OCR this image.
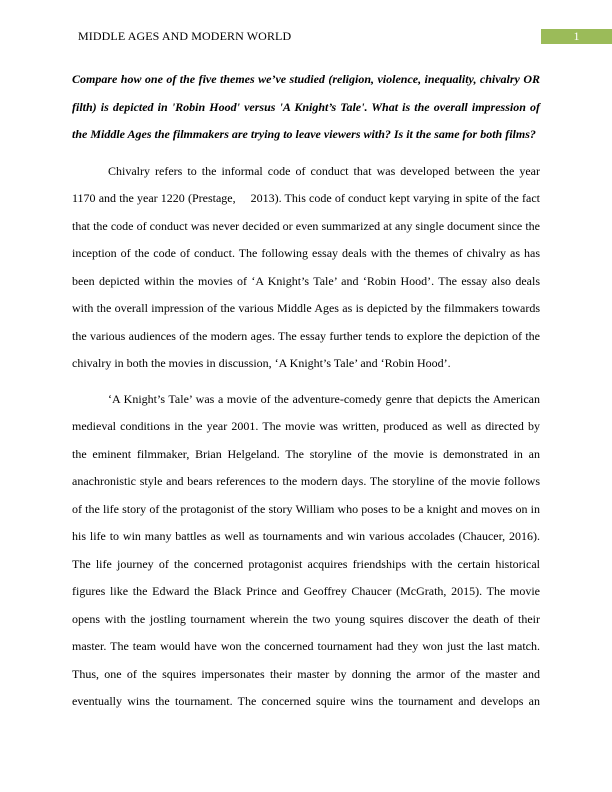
MIDDLE AGES AND MODERN WORLD	1

Compare how one of the five themes we’ve studied (religion, violence, inequality, chivalry OR filth) is depicted in 'Robin Hood' versus 'A Knight’s Tale'. What is the overall impression of the Middle Ages the filmmakers are trying to leave viewers with? Is it the same for both films?

Chivalry refers to the informal code of conduct that was developed between the year 1170 and the year 1220 (Prestage, 2013). This code of conduct kept varying in spite of the fact that the code of conduct was never decided or even summarized at any single document since the inception of the code of conduct. The following essay deals with the themes of chivalry as has been depicted within the movies of ‘A Knight’s Tale’ and ‘Robin Hood’. The essay also deals with the overall impression of the various Middle Ages as is depicted by the filmmakers towards the various audiences of the modern ages. The essay further tends to explore the depiction of the chivalry in both the movies in discussion, ‘A Knight’s Tale’ and ‘Robin Hood’.

‘A Knight’s Tale’ was a movie of the adventure-comedy genre that depicts the American medieval conditions in the year 2001. The movie was written, produced as well as directed by the eminent filmmaker, Brian Helgeland. The storyline of the movie is demonstrated in an anachronistic style and bears references to the modern days. The storyline of the movie follows of the life story of the protagonist of the story William who poses to be a knight and moves on in his life to win many battles as well as tournaments and win various accolades (Chaucer, 2016). The life journey of the concerned protagonist acquires friendships with the certain historical figures like the Edward the Black Prince and Geoffrey Chaucer (McGrath, 2015). The movie opens with the jostling tournament wherein the two young squires discover the death of their master. The team would have won the concerned tournament had they won just the last match. Thus, one of the squires impersonates their master by donning the armor of the master and eventually wins the tournament. The concerned squire wins the tournament and develops an
